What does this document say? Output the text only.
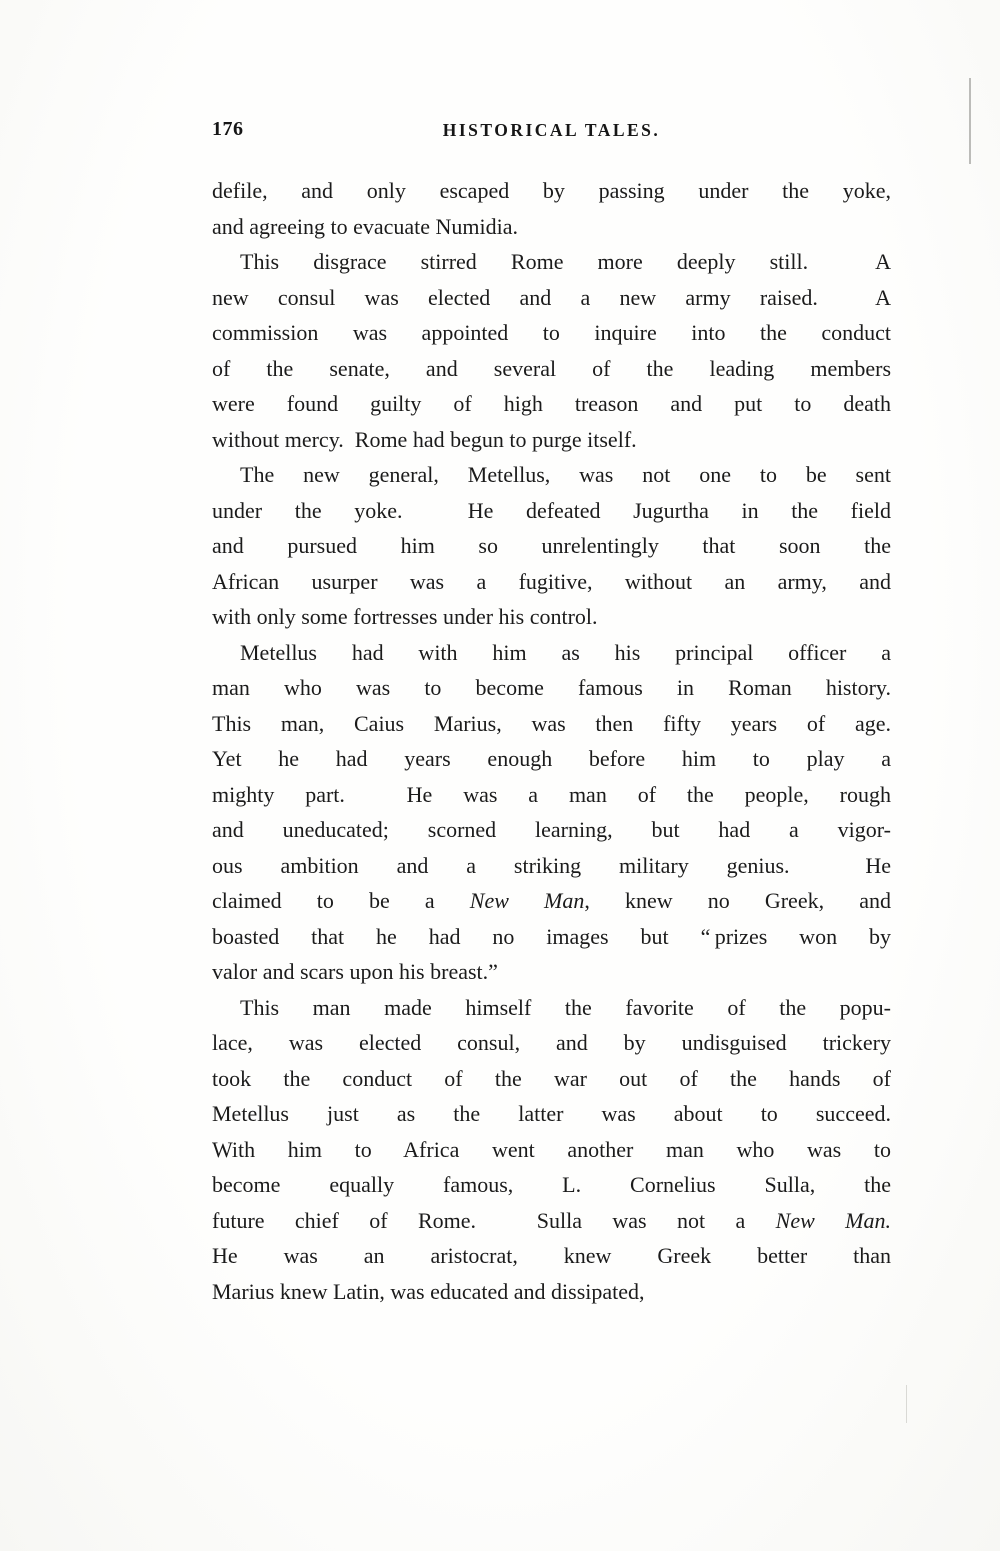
176	HISTORICAL TALES.
defile, and only escaped by passing under the yoke,
and agreeing to evacuate Numidia.
This disgrace stirred Rome more deeply still.  A
new consul was elected and a new army raised.  A
commission was appointed to inquire into the conduct
of the senate, and several of the leading members
were found guilty of high treason and put to death
without mercy.  Rome had begun to purge itself.
The new general, Metellus, was not one to be sent
under the yoke.  He defeated Jugurtha in the field
and pursued him so unrelentingly that soon the
African usurper was a fugitive, without an army, and
with only some fortresses under his control.
Metellus had with him as his principal officer a
man who was to become famous in Roman history.
This man, Caius Marius, was then fifty years of age.
Yet he had years enough before him to play a
mighty part.  He was a man of the people, rough
and uneducated; scorned learning, but had a vigor-
ous ambition and a striking military genius.  He
claimed to be a New Man, knew no Greek, and
boasted that he had no images but “ prizes won by
valor and scars upon his breast.”
This man made himself the favorite of the popu-
lace, was elected consul, and by undisguised trickery
took the conduct of the war out of the hands of
Metellus just as the latter was about to succeed.
With him to Africa went another man who was to
become equally famous, L. Cornelius Sulla, the
future chief of Rome.  Sulla was not a New Man.
He was an aristocrat, knew Greek better than
Marius knew Latin, was educated and dissipated,
